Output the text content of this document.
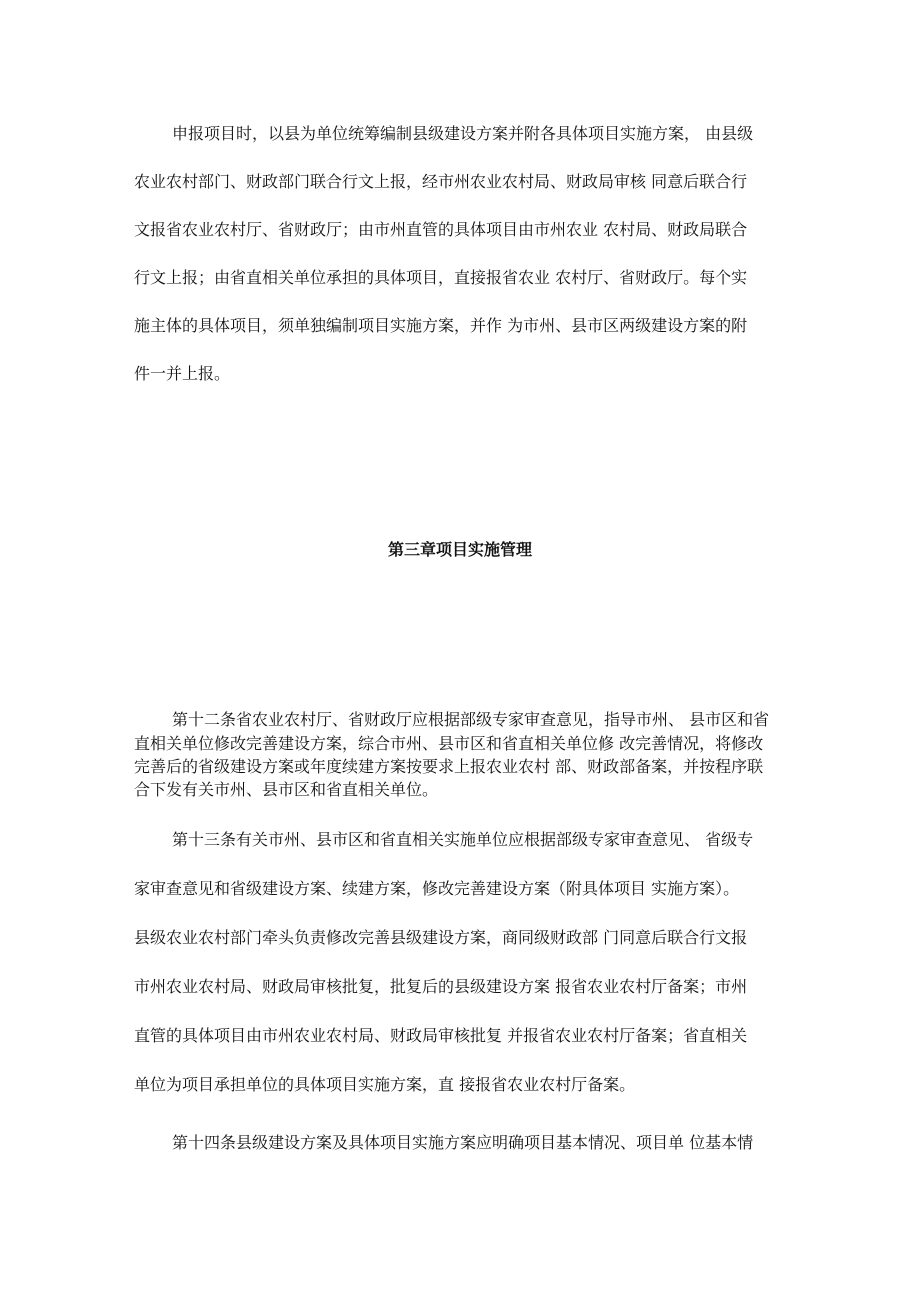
申报项目时，以县为单位统筹编制县级建设方案并附各具体项目实施方案， 由县级

农业农村部门、财政部门联合行文上报，经市州农业农村局、财政局审核 同意后联合行

文报省农业农村厅、省财政厅；由市州直管的具体项目由市州农业 农村局、财政局联合

行文上报；由省直相关单位承担的具体项目，直接报省农业 农村厅、省财政厅。每个实

施主体的具体项目，须单独编制项目实施方案，并作 为市州、县市区两级建设方案的附

件一并上报。

第三章项目实施管理

第十二条省农业农村厅、省财政厅应根据部级专家审查意见，指导市州、 县市区和省

直相关单位修改完善建设方案，综合市州、县市区和省直相关单位修 改完善情况，将修改

完善后的省级建设方案或年度续建方案按要求上报农业农村 部、财政部备案，并按程序联

合下发有关市州、县市区和省直相关单位。

第十三条有关市州、县市区和省直相关实施单位应根据部级专家审查意见、 省级专

家审查意见和省级建设方案、续建方案，修改完善建设方案（附具体项目 实施方案）。

县级农业农村部门牵头负责修改完善县级建设方案，商同级财政部 门同意后联合行文报

市州农业农村局、财政局审核批复，批复后的县级建设方案 报省农业农村厅备案；市州

直管的具体项目由市州农业农村局、财政局审核批复 并报省农业农村厅备案；省直相关

单位为项目承担单位的具体项目实施方案，直 接报省农业农村厅备案。

第十四条县级建设方案及具体项目实施方案应明确项目基本情况、项目单 位基本情
